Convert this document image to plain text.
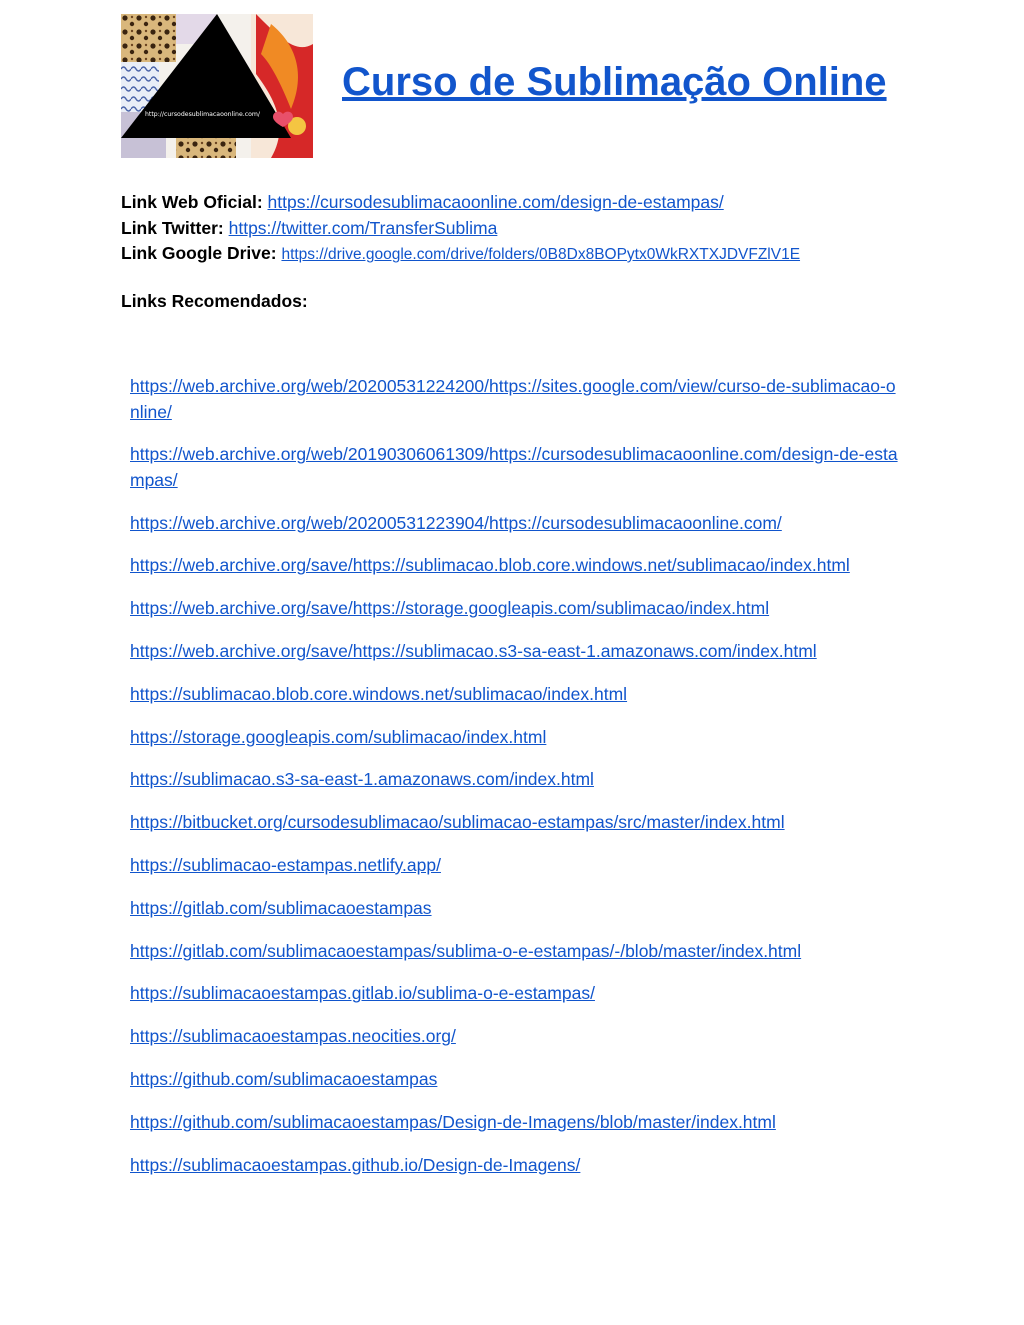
http://cursodesublimacaoonline.com/
Curso de Sublimação Online
Link Web Oficial: https://cursodesublimacaoonline.com/design-de-estampas/
Link Twitter: https://twitter.com/TransferSublima
Link Google Drive: https://drive.google.com/drive/folders/0B8Dx8BOPytx0WkRXTXJDVFZlV1E
Links Recomendados:
https://web.archive.org/web/20200531224200/https://sites.google.com/view/curso-de-sublimacao-online/
https://web.archive.org/web/20190306061309/https://cursodesublimacaoonline.com/design-de-estampas/
https://web.archive.org/web/20200531223904/https://cursodesublimacaoonline.com/
https://web.archive.org/save/https://sublimacao.blob.core.windows.net/sublimacao/index.html
https://web.archive.org/save/https://storage.googleapis.com/sublimacao/index.html
https://web.archive.org/save/https://sublimacao.s3-sa-east-1.amazonaws.com/index.html
https://sublimacao.blob.core.windows.net/sublimacao/index.html
https://storage.googleapis.com/sublimacao/index.html
https://sublimacao.s3-sa-east-1.amazonaws.com/index.html
https://bitbucket.org/cursodesublimacao/sublimacao-estampas/src/master/index.html
https://sublimacao-estampas.netlify.app/
https://gitlab.com/sublimacaoestampas
https://gitlab.com/sublimacaoestampas/sublima-o-e-estampas/-/blob/master/index.html
https://sublimacaoestampas.gitlab.io/sublima-o-e-estampas/
https://sublimacaoestampas.neocities.org/
https://github.com/sublimacaoestampas
https://github.com/sublimacaoestampas/Design-de-Imagens/blob/master/index.html
https://sublimacaoestampas.github.io/Design-de-Imagens/
